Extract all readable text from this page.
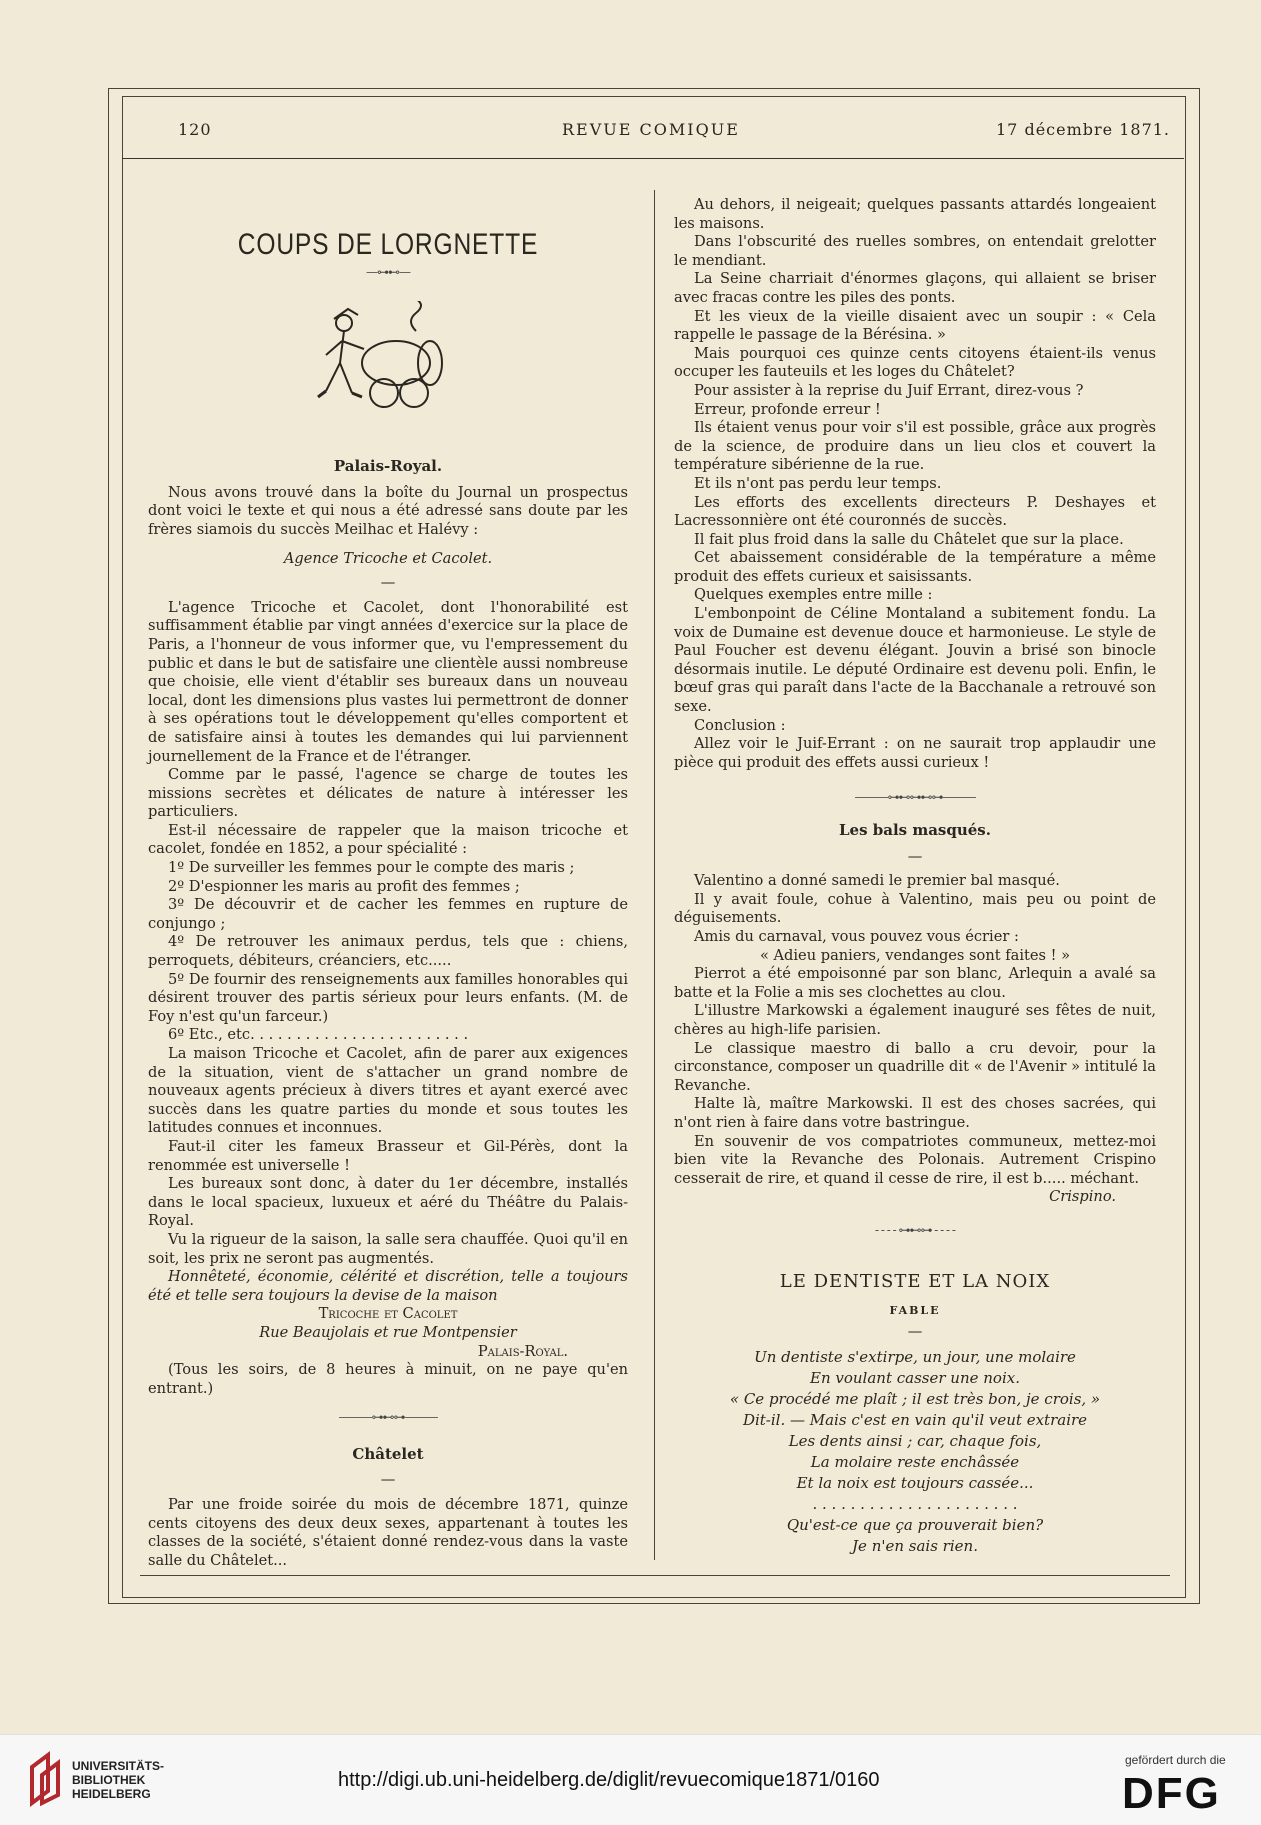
120	REVUE COMIQUE	17 décembre 1871.
COUPS DE LORGNETTE
—⊶⊷—
Palais-Royal.

Nous avons trouvé dans la boîte du Journal un prospectus dont voici le texte et qui nous a été adressé sans doute par les frères siamois du succès Meilhac et Halévy :

Agence Tricoche et Cacolet.

—

L'agence Tricoche et Cacolet, dont l'honorabilité est suffisamment établie par vingt années d'exercice sur la place de Paris, a l'honneur de vous informer que, vu l'empressement du public et dans le but de satisfaire une clientèle aussi nombreuse que choisie, elle vient d'établir ses bureaux dans un nouveau local, dont les dimensions plus vastes lui permettront de donner à ses opérations tout le développement qu'elles comportent et de satisfaire ainsi à toutes les demandes qui lui parviennent journellement de la France et de l'étranger.

Comme par le passé, l'agence se charge de toutes les missions secrètes et délicates de nature à intéresser les particuliers.

Est-il nécessaire de rappeler que la maison tricoche et cacolet, fondée en 1852, a pour spécialité :

1º De surveiller les femmes pour le compte des maris ;

2º D'espionner les maris au profit des femmes ;

3º De découvrir et de cacher les femmes en rupture de conjungo ;

4º De retrouver les animaux perdus, tels que : chiens, perroquets, débiteurs, créanciers, etc.....

5º De fournir des renseignements aux familles honorables qui désirent trouver des partis sérieux pour leurs enfants. (M. de Foy n'est qu'un farceur.)

6º Etc., etc. . . . . . . . . . . . . . . . . . . . . . . .

La maison Tricoche et Cacolet, afin de parer aux exigences de la situation, vient de s'attacher un grand nombre de nouveaux agents précieux à divers titres et ayant exercé avec succès dans les quatre parties du monde et sous toutes les latitudes connues et inconnues.

Faut-il citer les fameux Brasseur et Gil-Pérès, dont la renommée est universelle !

Les bureaux sont donc, à dater du 1er décembre, installés dans le local spacieux, luxueux et aéré du Théâtre du Palais-Royal.

Vu la rigueur de la saison, la salle sera chauffée. Quoi qu'il en soit, les prix ne seront pas augmentés.

Honnêteté, économie, célérité et discrétion, telle a toujours été et telle sera toujours la devise de la maison

Tricoche et Cacolet

Rue Beaujolais et rue Montpensier

Palais-Royal.

(Tous les soirs, de 8 heures à minuit, on ne paye qu'en entrant.)

———⊶⊷⊶———
Châtelet
—

Par une froide soirée du mois de décembre 1871, quinze cents citoyens des deux deux sexes, appartenant à toutes les classes de la société, s'étaient donné rendez-vous dans la vaste salle du Châtelet...

Au dehors, il neigeait; quelques passants attardés longeaient les maisons.

Dans l'obscurité des ruelles sombres, on entendait grelotter le mendiant.

La Seine charriait d'énormes glaçons, qui allaient se briser avec fracas contre les piles des ponts.

Et les vieux de la vieille disaient avec un soupir : « Cela rappelle le passage de la Bérésina. »

Mais pourquoi ces quinze cents citoyens étaient-ils venus occuper les fauteuils et les loges du Châtelet?

Pour assister à la reprise du Juif Errant, direz-vous ?

Erreur, profonde erreur !

Ils étaient venus pour voir s'il est possible, grâce aux progrès de la science, de produire dans un lieu clos et couvert la température sibérienne de la rue.

Et ils n'ont pas perdu leur temps.

Les efforts des excellents directeurs P. Deshayes et Lacressonnière ont été couronnés de succès.

Il fait plus froid dans la salle du Châtelet que sur la place.

Cet abaissement considérable de la température a même produit des effets curieux et saisissants.

Quelques exemples entre mille :

L'embonpoint de Céline Montaland a subitement fondu. La voix de Dumaine est devenue douce et harmonieuse. Le style de Paul Foucher est devenu élégant. Jouvin a brisé son binocle désormais inutile. Le député Ordinaire est devenu poli. Enfin, le bœuf gras qui paraît dans l'acte de la Bacchanale a retrouvé son sexe.

Conclusion :

Allez voir le Juif-Errant : on ne saurait trop applaudir une pièce qui produit des effets aussi curieux !

———⊶⊷⊶⊷⊶———
Les bals masqués.
—

Valentino a donné samedi le premier bal masqué.

Il y avait foule, cohue à Valentino, mais peu ou point de déguisements.

Amis du carnaval, vous pouvez vous écrier :

« Adieu paniers, vendanges sont faites ! »

Pierrot a été empoisonné par son blanc, Arlequin a avalé sa batte et la Folie a mis ses clochettes au clou.

L'illustre Markowski a également inauguré ses fêtes de nuit, chères au high-life parisien.

Le classique maestro di ballo a cru devoir, pour la circonstance, composer un quadrille dit « de l'Avenir » intitulé la Revanche.

Halte là, maître Markowski. Il est des choses sacrées, qui n'ont rien à faire dans votre bastringue.

En souvenir de vos compatriotes communeux, mettez-moi bien vite la Revanche des Polonais. Autrement Crispino cesserait de rire, et quand il cesse de rire, il est b..... méchant.

Crispino.

- - - - ⊶⊷⊶ - - - -
LE DENTISTE ET LA NOIX
FABLE
—
Un dentiste s'extirpe, un jour, une molaire
En voulant casser une noix.
« Ce procédé me plaît ; il est très bon, je crois, »
Dit-il. — Mais c'est en vain qu'il veut extraire
Les dents ainsi ; car, chaque fois,
La molaire reste enchâssée
Et la noix est toujours cassée...
. . . . . . . . . . . . . . . . . . . . . .
Qu'est-ce que ça prouverait bien?
Je n'en sais rien.
UNIVERSITÄTS-
BIBLIOTHEK
HEIDELBERG
http://digi.ub.uni-heidelberg.de/diglit/revuecomique1871/0160
gefördert durch die
DFG
